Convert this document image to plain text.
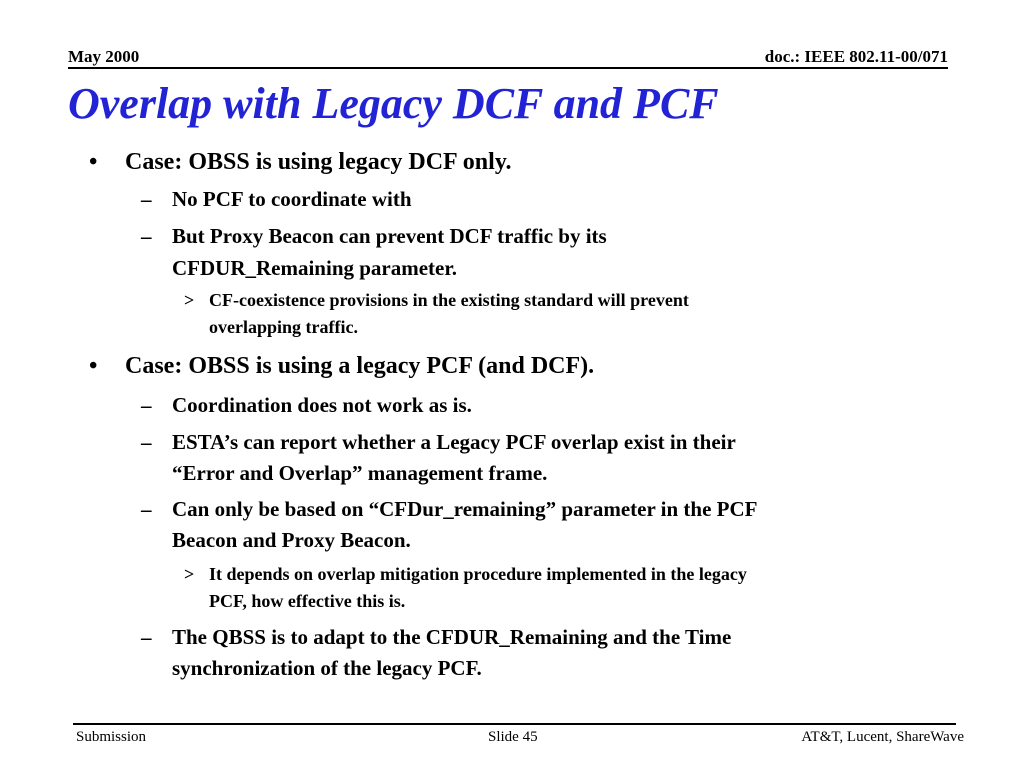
May 2000	doc.: IEEE 802.11-00/071
Overlap with Legacy DCF and PCF
• Case: OBSS is using legacy DCF only.
– No PCF to coordinate with
– But Proxy Beacon can prevent DCF traffic by its
CFDUR_Remaining parameter.
> CF-coexistence provisions in the existing standard will prevent
overlapping traffic.
• Case: OBSS is using a legacy PCF (and DCF).
– Coordination does not work as is.
– ESTA’s can report whether a Legacy PCF overlap exist in their
“Error and Overlap” management frame.
– Can only be based on “CFDur_remaining” parameter in the PCF
Beacon and Proxy Beacon.
> It depends on overlap mitigation procedure implemented in the legacy
PCF, how effective this is.
– The QBSS is to adapt to the CFDUR_Remaining and the Time
synchronization of the legacy PCF.
Submission	Slide 45	AT&T, Lucent, ShareWave
